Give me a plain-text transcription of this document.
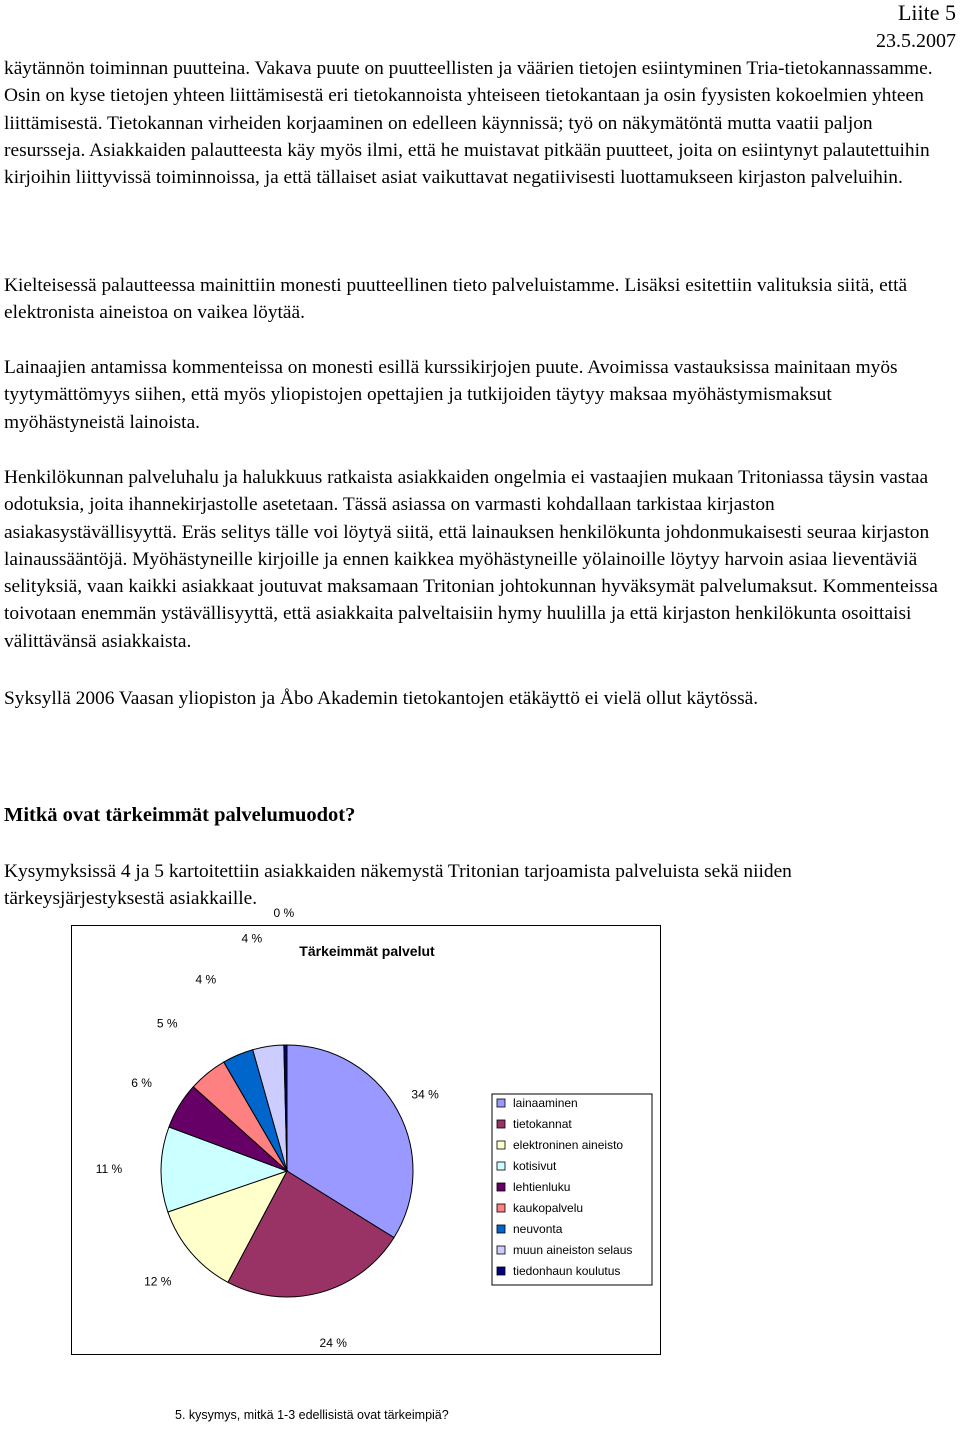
Liite 5
23.5.2007

käytännön toiminnan puutteina. Vakava puute on puutteellisten ja väärien tietojen esiintyminen Tria-tietokannassamme. Osin on kyse tietojen yhteen liittämisestä eri tietokannoista yhteiseen tietokantaan ja osin fyysisten kokoelmien yhteen liittämisestä. Tietokannan virheiden korjaaminen on edelleen käynnissä; työ on näkymätöntä mutta vaatii paljon resursseja. Asiakkaiden palautteesta käy myös ilmi, että he muistavat pitkään puutteet, joita on esiintynyt palautettuihin kirjoihin liittyvissä toiminnoissa, ja että tällaiset asiat vaikuttavat negatiivisesti luottamukseen kirjaston palveluihin.

Kielteisessä palautteessa mainittiin monesti puutteellinen tieto palveluistamme. Lisäksi esitettiin valituksia siitä, että elektronista aineistoa on vaikea löytää.

Lainaajien antamissa kommenteissa on monesti esillä kurssikirjojen puute. Avoimissa vastauksissa mainitaan myös tyytymättömyys siihen, että myös yliopistojen opettajien ja tutkijoiden täytyy maksaa myöhästymismaksut myöhästyneistä lainoista.

Henkilökunnan palveluhalu ja halukkuus ratkaista asiakkaiden ongelmia ei vastaajien mukaan Tritoniassa täysin vastaa odotuksia, joita ihannekirjastolle asetetaan. Tässä asiassa on varmasti kohdallaan tarkistaa kirjaston asiakasystävällisyyttä. Eräs selitys tälle voi löytyä siitä, että lainauksen henkilökunta johdonmukaisesti seuraa kirjaston lainaussääntöjä. Myöhästyneille kirjoille ja ennen kaikkea myöhästyneille yölainoille löytyy harvoin asiaa lieventäviä selityksiä, vaan kaikki asiakkaat joutuvat maksamaan Tritonian johtokunnan hyväksymät palvelumaksut. Kommenteissa toivotaan enemmän ystävällisyyttä, että asiakkaita palveltaisiin hymy huulilla ja että kirjaston henkilökunta osoittaisi välittävänsä asiakkaista.

Syksyllä 2006 Vaasan yliopiston ja Åbo Akademin tietokantojen etäkäyttö ei vielä ollut käytössä.

Mitkä ovat tärkeimmät palvelumuodot?

Kysymyksissä 4 ja 5 kartoitettiin asiakkaiden näkemystä Tritonian tarjoamista palveluista sekä niiden tärkeysjärjestyksestä asiakkaille.

Tärkeimmät palvelut
34 %
24 %
12 %
11 %
6 %
5 %
4 %
4 %
0 %
lainaaminen
tietokannat
elektroninen aineisto
kotisivut
lehtienluku
kaukopalvelu
neuvonta
muun aineiston selaus
tiedonhaun koulutus
5. kysymys, mitkä 1-3 edellisistä ovat tärkeimpiä?
